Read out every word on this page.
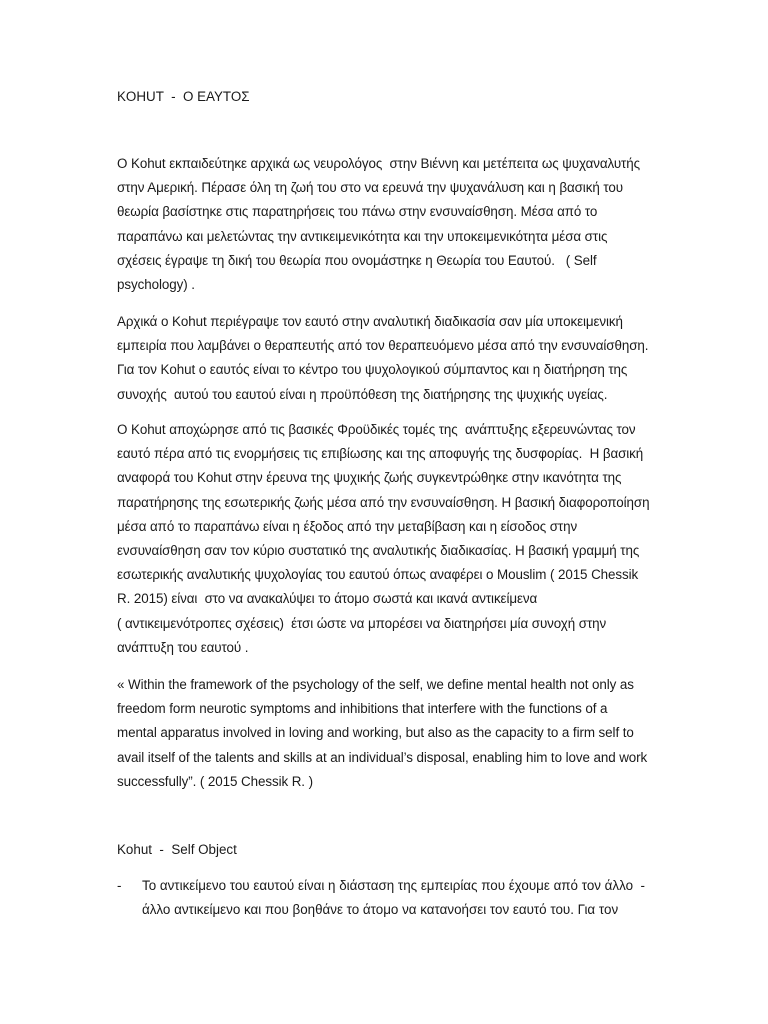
KOHUT  -  Ο ΕΑΥΤΟΣ

Ο Kohut εκπαιδεύτηκε αρχικά ως νευρολόγος  στην Βιέννη και μετέπειτα ως ψυχαναλυτής
στην Αμερική. Πέρασε όλη τη ζωή του στο να ερευνά την ψυχανάλυση και η βασική του
θεωρία βασίστηκε στις παρατηρήσεις του πάνω στην ενσυναίσθηση. Μέσα από το
παραπάνω και μελετώντας την αντικειμενικότητα και την υποκειμενικότητα μέσα στις
σχέσεις έγραψε τη δική του θεωρία που ονομάστηκε η Θεωρία του Εαυτού.   ( Self
psychology) .

Αρχικά ο Kohut περιέγραψε τον εαυτό στην αναλυτική διαδικασία σαν μία υποκειμενική
εμπειρία που λαμβάνει ο θεραπευτής από τον θεραπευόμενο μέσα από την ενσυναίσθηση.
Για τον Kohut ο εαυτός είναι το κέντρο του ψυχολογικού σύμπαντος και η διατήρηση της
συνοχής  αυτού του εαυτού είναι η προϋπόθεση της διατήρησης της ψυχικής υγείας.

Ο Kohut αποχώρησε από τις βασικές Φροϋδικές τομές της  ανάπτυξης εξερευνώντας τον
εαυτό πέρα από τις ενορμήσεις τις επιβίωσης και της αποφυγής της δυσφορίας.  Η βασική
αναφορά του Kohut στην έρευνα της ψυχικής ζωής συγκεντρώθηκε στην ικανότητα της
παρατήρησης της εσωτερικής ζωής μέσα από την ενσυναίσθηση. Η βασική διαφοροποίηση
μέσα από το παραπάνω είναι η έξοδος από την μεταβίβαση και η είσοδος στην
ενσυναίσθηση σαν τον κύριο συστατικό της αναλυτικής διαδικασίας. Η βασική γραμμή της
εσωτερικής αναλυτικής ψυχολογίας του εαυτού όπως αναφέρει ο Mouslim ( 2015 Chessik
R. 2015) είναι  στο να ανακαλύψει το άτομο σωστά και ικανά αντικείμενα
( αντικειμενότροπες σχέσεις)  έτσι ώστε να μπορέσει να διατηρήσει μία συνοχή στην
ανάπτυξη του εαυτού .

« Within the framework of the psychology of the self, we define mental health not only as
freedom form neurotic symptoms and inhibitions that interfere with the functions of a
mental apparatus involved in loving and working, but also as the capacity to a firm self to
avail itself of the talents and skills at an individual’s disposal, enabling him to love and work
successfully”. ( 2015 Chessik R. )

Kohut  -  Self Object
- Το αντικείμενο του εαυτού είναι η διάσταση της εμπειρίας που έχουμε από τον άλλο  -
άλλο αντικείμενο και που βοηθάνε το άτομο να κατανοήσει τον εαυτό του. Για τον
